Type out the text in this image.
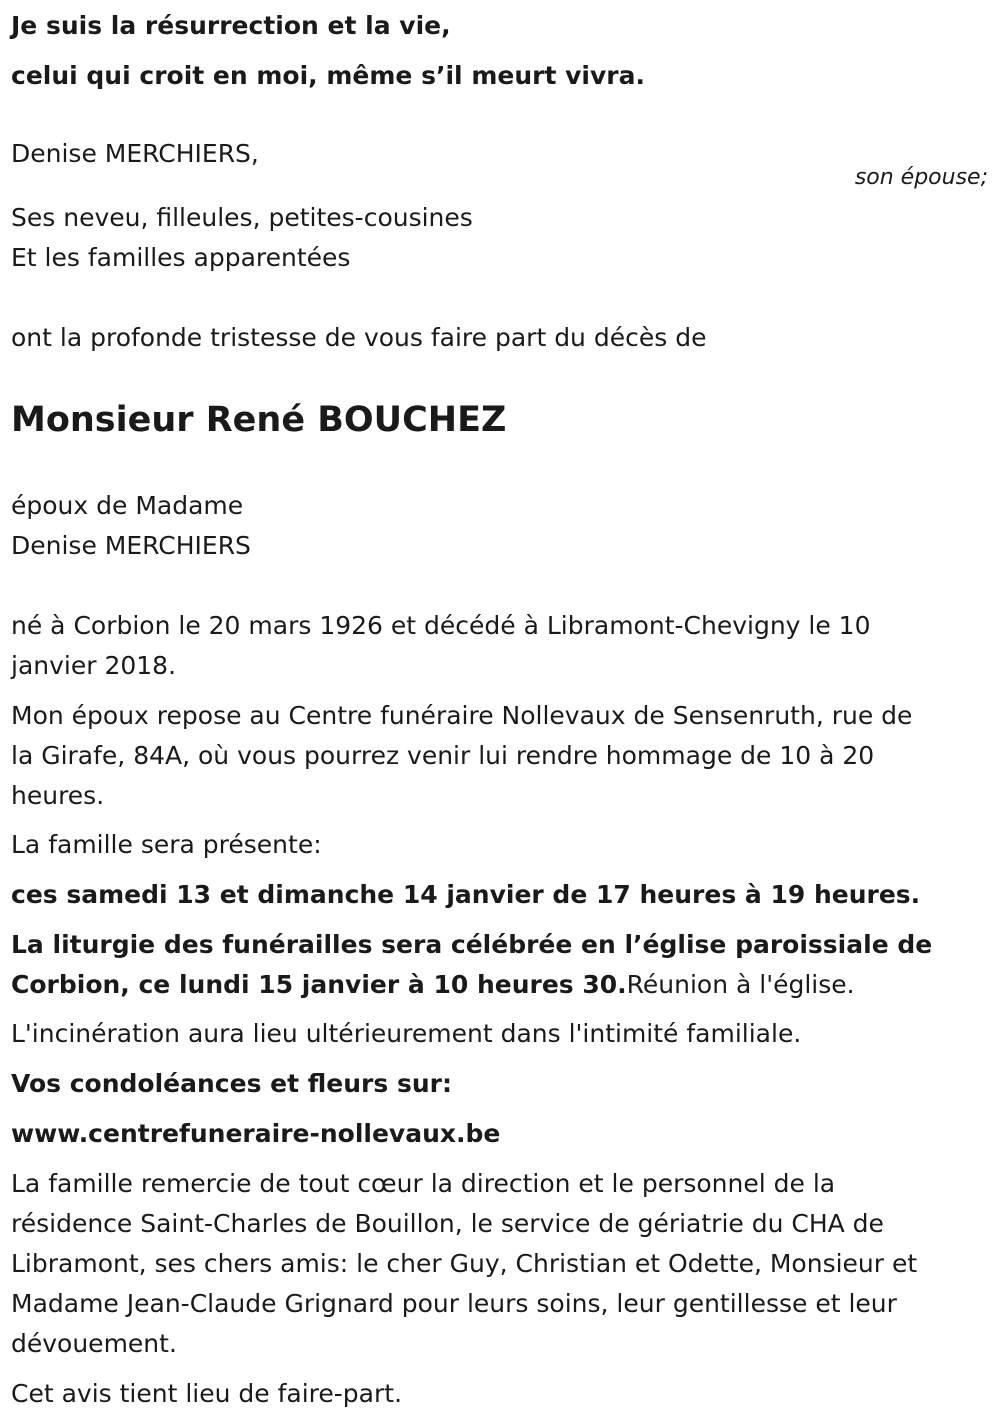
Je suis la résurrection et la vie,

celui qui croit en moi, même s’il meurt vivra.

Denise MERCHIERS,

son épouse;

Ses neveu, filleules, petites-cousines

Et les familles apparentées

ont la profonde tristesse de vous faire part du décès de

Monsieur René BOUCHEZ

époux de Madame

Denise MERCHIERS

né à Corbion le 20 mars 1926 et décédé à Libramont-Chevigny le 10

janvier 2018.

Mon époux repose au Centre funéraire Nollevaux de Sensenruth, rue de

la Girafe, 84A, où vous pourrez venir lui rendre hommage de 10 à 20

heures.

La famille sera présente:

ces samedi 13 et dimanche 14 janvier de 17 heures à 19 heures.

La liturgie des funérailles sera célébrée en l’église paroissiale de

Corbion, ce lundi 15 janvier à 10 heures 30.Réunion à l'église.

L'incinération aura lieu ultérieurement dans l'intimité familiale.

Vos condoléances et fleurs sur:

www.centrefuneraire-nollevaux.be

La famille remercie de tout cœur la direction et le personnel de la

résidence Saint-Charles de Bouillon, le service de gériatrie du CHA de

Libramont, ses chers amis: le cher Guy, Christian et Odette, Monsieur et

Madame Jean-Claude Grignard pour leurs soins, leur gentillesse et leur

dévouement.

Cet avis tient lieu de faire-part.
